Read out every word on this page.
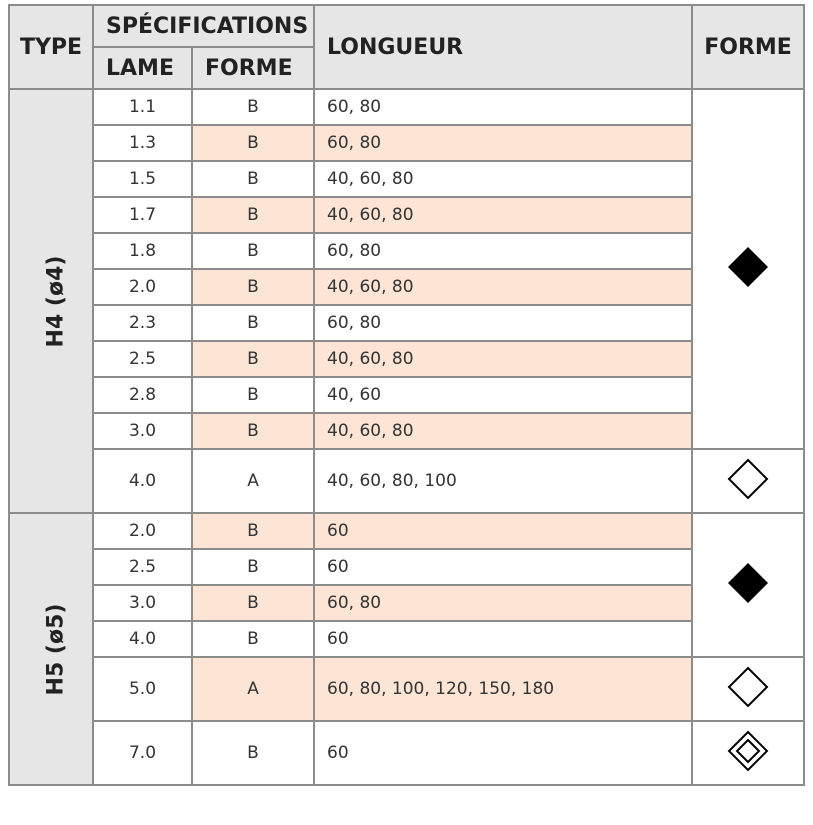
TYPE	SPÉCIFICATIONS		LONGUEUR	FORME
	LAME	FORME		
H4 (ø4)	1.1	B	60, 80	
	1.3	B	60, 80	
	1.5	B	40, 60, 80	
	1.7	B	40, 60, 80	
	1.8	B	60, 80	
	2.0	B	40, 60, 80	
	2.3	B	60, 80	
	2.5	B	40, 60, 80	
	2.8	B	40, 60	
	3.0	B	40, 60, 80	
	4.0	A	40, 60, 80, 100	
H5 (ø5)	2.0	B	60	
	2.5	B	60	
	3.0	B	60, 80	
	4.0	B	60	
	5.0	A	60, 80, 100, 120, 150, 180	
	7.0	B	60	
